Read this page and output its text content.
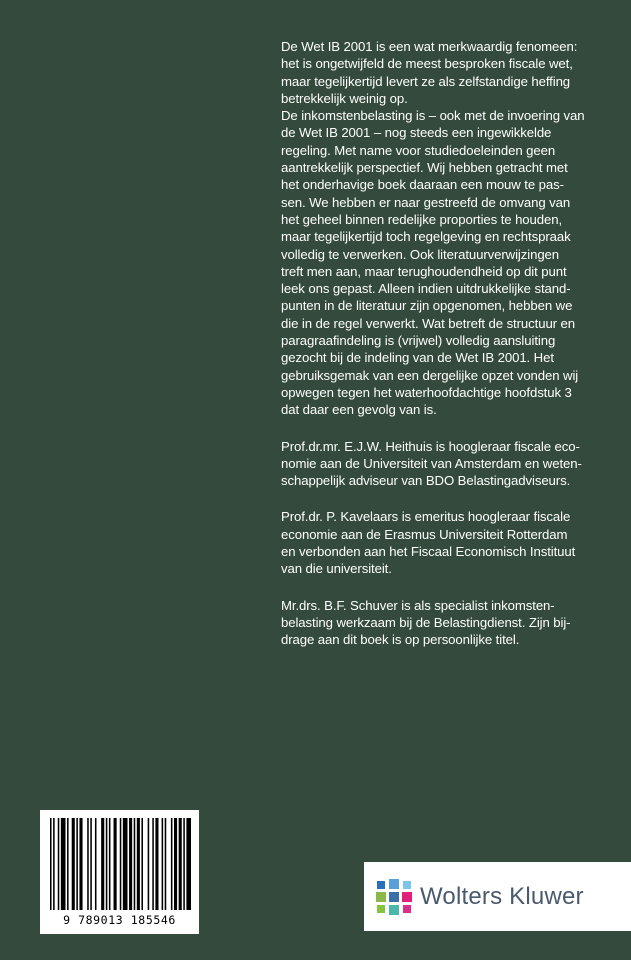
De Wet IB 2001 is een wat merkwaardig fenomeen:
het is ongetwijfeld de meest besproken fiscale wet,
maar tegelijkertijd levert ze als zelfstandige heffing
betrekkelijk weinig op.
De inkomstenbelasting is – ook met de invoering van
de Wet IB 2001 – nog steeds een ingewikkelde
regeling. Met name voor studiedoeleinden geen
aantrekkelijk perspectief. Wij hebben getracht met
het onderhavige boek daaraan een mouw te pas-
sen. We hebben er naar gestreefd de omvang van
het geheel binnen redelijke proporties te houden,
maar tegelijkertijd toch regelgeving en rechtspraak
volledig te verwerken. Ook literatuurverwijzingen
treft men aan, maar terughoudendheid op dit punt
leek ons gepast. Alleen indien uitdrukkelijke stand-
punten in de literatuur zijn opgenomen, hebben we
die in de regel verwerkt. Wat betreft de structuur en
paragraafindeling is (vrijwel) volledig aansluiting
gezocht bij de indeling van de Wet IB 2001. Het
gebruiksgemak van een dergelijke opzet vonden wij
opwegen tegen het waterhoofdachtige hoofdstuk 3
dat daar een gevolg van is.
Prof.dr.mr. E.J.W. Heithuis is hoogleraar fiscale eco-
nomie aan de Universiteit van Amsterdam en weten-
schappelijk adviseur van BDO Belastingadviseurs.
Prof.dr. P. Kavelaars is emeritus hoogleraar fiscale
economie aan de Erasmus Universiteit Rotterdam
en verbonden aan het Fiscaal Economisch Instituut
van die universiteit.
Mr.drs. B.F. Schuver is als specialist inkomsten-
belasting werkzaam bij de Belastingdienst. Zijn bij-
drage aan dit boek is op persoonlijke titel.
9 789013 185546
Wolters Kluwer
